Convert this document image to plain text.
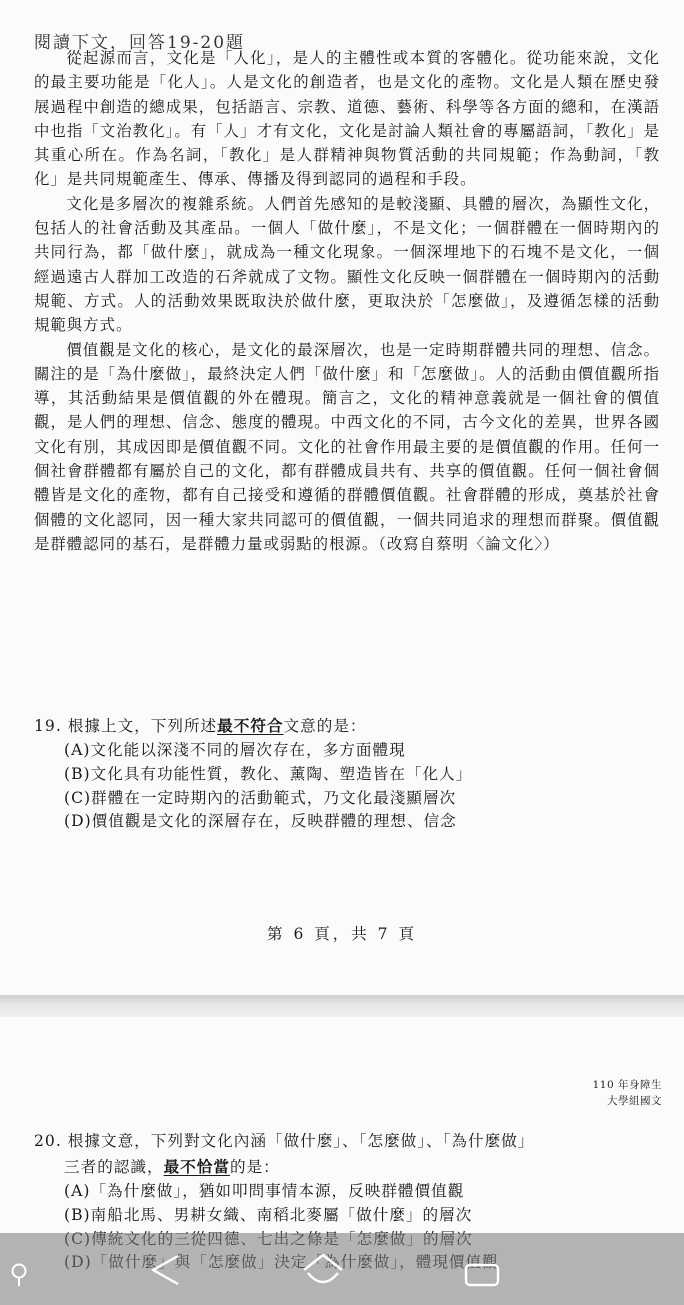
閱讀下文，回答19-20題

從起源而言，文化是「人化」，是人的主體性或本質的客體化。從功能來說，文化的最主要功能是「化人」。人是文化的創造者，也是文化的產物。文化是人類在歷史發展過程中創造的總成果，包括語言、宗教、道德、藝術、科學等各方面的總和，在漢語中也指「文治教化」。有「人」才有文化，文化是討論人類社會的專屬語詞，「教化」是其重心所在。作為名詞，「教化」是人群精神與物質活動的共同規範；作為動詞，「教化」是共同規範產生、傳承、傳播及得到認同的過程和手段。

文化是多層次的複雜系統。人們首先感知的是較淺顯、具體的層次，為顯性文化，包括人的社會活動及其產品。一個人「做什麼」，不是文化；一個群體在一個時期內的共同行為，都「做什麼」，就成為一種文化現象。一個深埋地下的石塊不是文化，一個經過遠古人群加工改造的石斧就成了文物。顯性文化反映一個群體在一個時期內的活動規範、方式。人的活動效果既取決於做什麼，更取決於「怎麼做」，及遵循怎樣的活動規範與方式。

價值觀是文化的核心，是文化的最深層次，也是一定時期群體共同的理想、信念。關注的是「為什麼做」，最終決定人們「做什麼」和「怎麼做」。人的活動由價值觀所指導，其活動結果是價值觀的外在體現。簡言之，文化的精神意義就是一個社會的價值觀，是人們的理想、信念、態度的體現。中西文化的不同，古今文化的差異，世界各國文化有別，其成因即是價值觀不同。文化的社會作用最主要的是價值觀的作用。任何一個社會群體都有屬於自己的文化，都有群體成員共有、共享的價值觀。任何一個社會個體皆是文化的產物，都有自己接受和遵循的群體價值觀。社會群體的形成，奠基於社會個體的文化認同，因一種大家共同認可的價值觀，一個共同追求的理想而群聚。價值觀是群體認同的基石，是群體力量或弱點的根源。（改寫自蔡明〈論文化〉）

19. 根據上文，下列所述最不符合文意的是：
(A)文化能以深淺不同的層次存在，多方面體現
(B)文化具有功能性質，教化、薰陶、塑造皆在「化人」
(C)群體在一定時期內的活動範式，乃文化最淺顯層次
(D)價值觀是文化的深層存在，反映群體的理想、信念
第 6 頁，共 7 頁
110 年身障生
大學組國文
20. 根據文意，下列對文化內涵「做什麼」、「怎麼做」、「為什麼做」
三者的認識，最不恰當的是：
(A)「為什麼做」，猶如叩問事情本源，反映群體價值觀
(B)南船北馬、男耕女織、南稻北麥屬「做什麼」的層次
